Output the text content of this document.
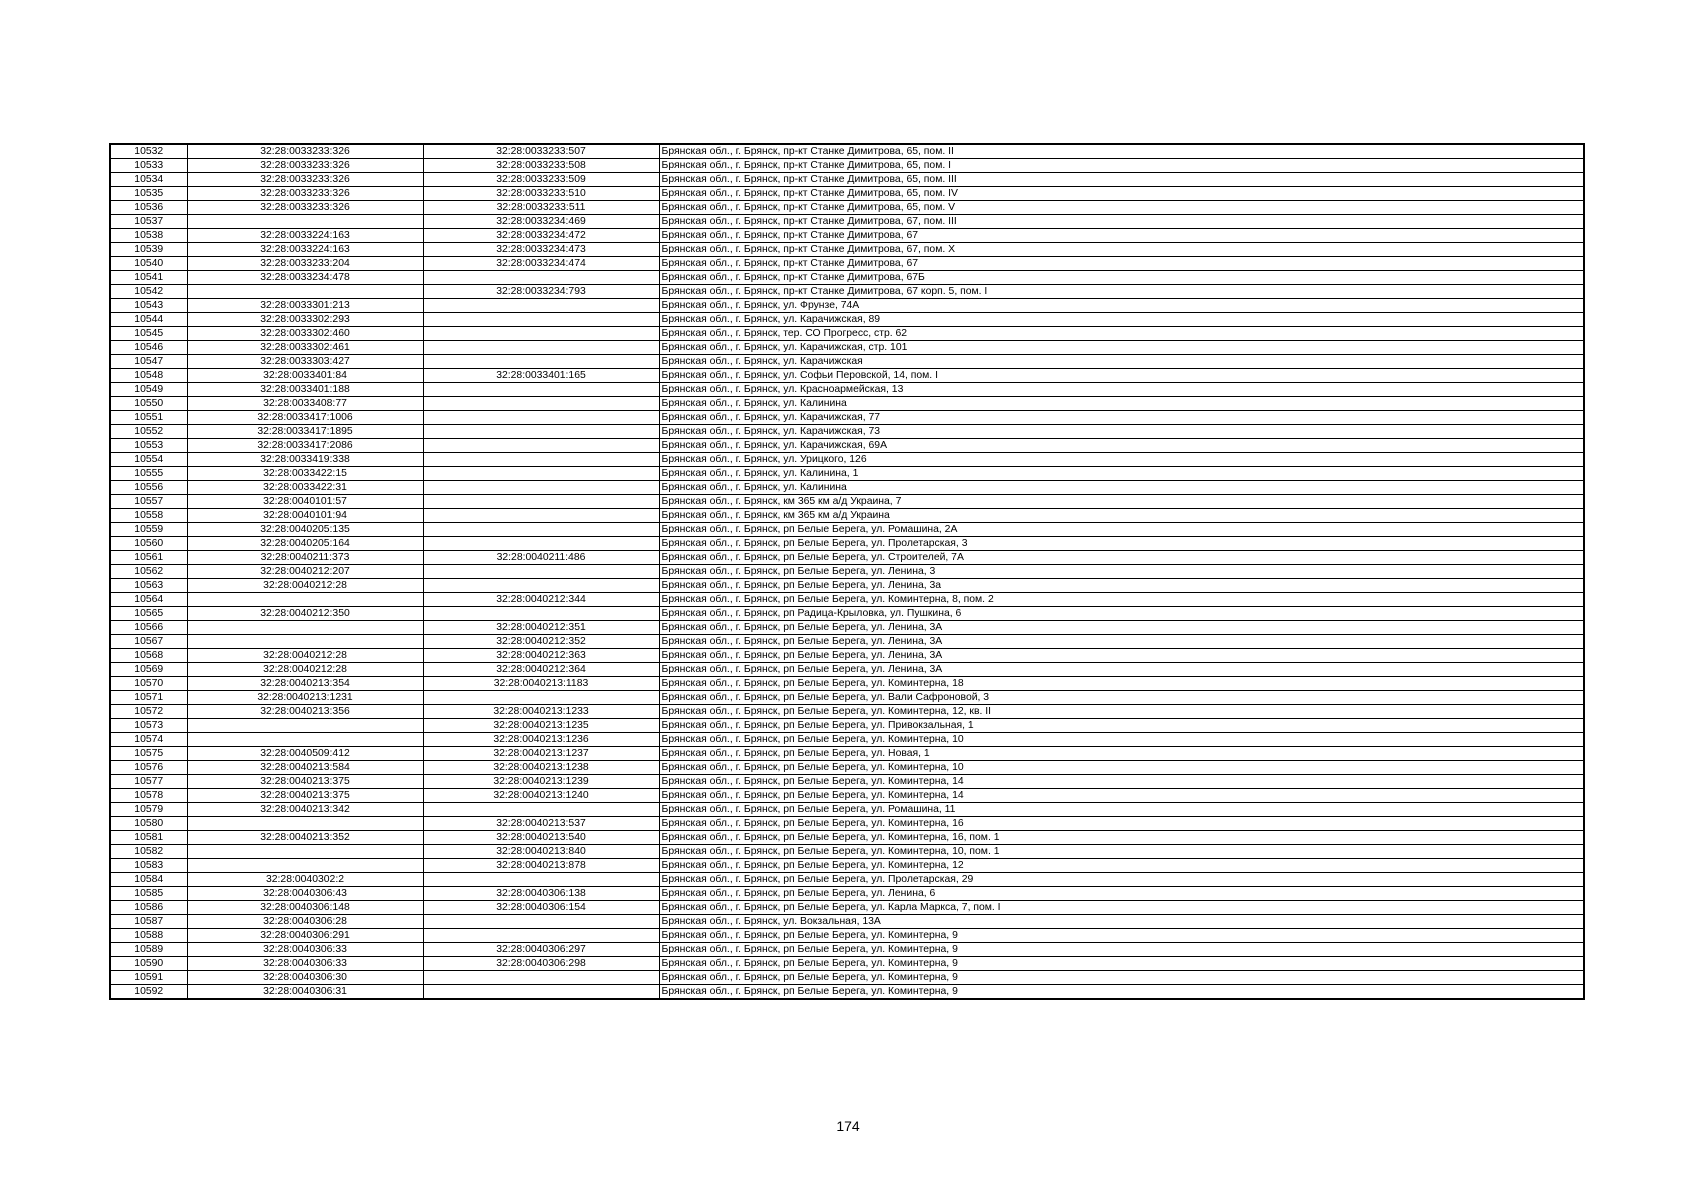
10532	32:28:0033233:326	32:28:0033233:507	Брянская обл., г. Брянск, пр-кт Станке Димитрова, 65, пом. II
10533	32:28:0033233:326	32:28:0033233:508	Брянская обл., г. Брянск, пр-кт Станке Димитрова, 65, пом. I
10534	32:28:0033233:326	32:28:0033233:509	Брянская обл., г. Брянск, пр-кт Станке Димитрова, 65, пом. III
10535	32:28:0033233:326	32:28:0033233:510	Брянская обл., г. Брянск, пр-кт Станке Димитрова, 65, пом. IV
10536	32:28:0033233:326	32:28:0033233:511	Брянская обл., г. Брянск, пр-кт Станке Димитрова, 65, пом. V
10537		32:28:0033234:469	Брянская обл., г. Брянск, пр-кт Станке Димитрова, 67, пом. III
10538	32:28:0033224:163	32:28:0033234:472	Брянская обл., г. Брянск, пр-кт Станке Димитрова, 67
10539	32:28:0033224:163	32:28:0033234:473	Брянская обл., г. Брянск, пр-кт Станке Димитрова, 67, пом. X
10540	32:28:0033233:204	32:28:0033234:474	Брянская обл., г. Брянск, пр-кт Станке Димитрова, 67
10541	32:28:0033234:478		Брянская обл., г. Брянск, пр-кт Станке Димитрова, 67Б
10542		32:28:0033234:793	Брянская обл., г. Брянск, пр-кт Станке Димитрова, 67 корп. 5, пом. I
10543	32:28:0033301:213		Брянская обл., г. Брянск, ул. Фрунзе, 74А
10544	32:28:0033302:293		Брянская обл., г. Брянск, ул. Карачижская, 89
10545	32:28:0033302:460		Брянская обл., г. Брянск, тер. СО Прогресс, стр. 62
10546	32:28:0033302:461		Брянская обл., г. Брянск, ул. Карачижская, стр. 101
10547	32:28:0033303:427		Брянская обл., г. Брянск, ул. Карачижская
10548	32:28:0033401:84	32:28:0033401:165	Брянская обл., г. Брянск, ул. Софьи Перовской, 14, пом. I
10549	32:28:0033401:188		Брянская обл., г. Брянск, ул. Красноармейская, 13
10550	32:28:0033408:77		Брянская обл., г. Брянск, ул. Калинина
10551	32:28:0033417:1006		Брянская обл., г. Брянск, ул. Карачижская, 77
10552	32:28:0033417:1895		Брянская обл., г. Брянск, ул. Карачижская, 73
10553	32:28:0033417:2086		Брянская обл., г. Брянск, ул. Карачижская, 69А
10554	32:28:0033419:338		Брянская обл., г. Брянск, ул. Урицкого, 126
10555	32:28:0033422:15		Брянская обл., г. Брянск, ул. Калинина, 1
10556	32:28:0033422:31		Брянская обл., г. Брянск, ул. Калинина
10557	32:28:0040101:57		Брянская обл., г. Брянск, км 365 км а/д Украина, 7
10558	32:28:0040101:94		Брянская обл., г. Брянск, км 365 км а/д Украина
10559	32:28:0040205:135		Брянская обл., г. Брянск, рп Белые Берега, ул. Ромашина, 2А
10560	32:28:0040205:164		Брянская обл., г. Брянск, рп Белые Берега, ул. Пролетарская, 3
10561	32:28:0040211:373	32:28:0040211:486	Брянская обл., г. Брянск, рп Белые Берега, ул. Строителей, 7А
10562	32:28:0040212:207		Брянская обл., г. Брянск, рп Белые Берега, ул. Ленина, 3
10563	32:28:0040212:28		Брянская обл., г. Брянск, рп Белые Берега, ул. Ленина, 3а
10564		32:28:0040212:344	Брянская обл., г. Брянск, рп Белые Берега, ул. Коминтерна, 8, пом. 2
10565	32:28:0040212:350		Брянская обл., г. Брянск, рп Радица-Крыловка, ул. Пушкина, 6
10566		32:28:0040212:351	Брянская обл., г. Брянск, рп Белые Берега, ул. Ленина, 3А
10567		32:28:0040212:352	Брянская обл., г. Брянск, рп Белые Берега, ул. Ленина, 3А
10568	32:28:0040212:28	32:28:0040212:363	Брянская обл., г. Брянск, рп Белые Берега, ул. Ленина, 3А
10569	32:28:0040212:28	32:28:0040212:364	Брянская обл., г. Брянск, рп Белые Берега, ул. Ленина, 3А
10570	32:28:0040213:354	32:28:0040213:1183	Брянская обл., г. Брянск, рп Белые Берега, ул. Коминтерна, 18
10571	32:28:0040213:1231		Брянская обл., г. Брянск, рп Белые Берега, ул. Вали Сафроновой, 3
10572	32:28:0040213:356	32:28:0040213:1233	Брянская обл., г. Брянск, рп Белые Берега, ул. Коминтерна, 12, кв. II
10573		32:28:0040213:1235	Брянская обл., г. Брянск, рп Белые Берега, ул. Привокзальная, 1
10574		32:28:0040213:1236	Брянская обл., г. Брянск, рп Белые Берега, ул. Коминтерна, 10
10575	32:28:0040509:412	32:28:0040213:1237	Брянская обл., г. Брянск, рп Белые Берега, ул. Новая, 1
10576	32:28:0040213:584	32:28:0040213:1238	Брянская обл., г. Брянск, рп Белые Берега, ул. Коминтерна, 10
10577	32:28:0040213:375	32:28:0040213:1239	Брянская обл., г. Брянск, рп Белые Берега, ул. Коминтерна, 14
10578	32:28:0040213:375	32:28:0040213:1240	Брянская обл., г. Брянск, рп Белые Берега, ул. Коминтерна, 14
10579	32:28:0040213:342		Брянская обл., г. Брянск, рп Белые Берега, ул. Ромашина, 11
10580		32:28:0040213:537	Брянская обл., г. Брянск, рп Белые Берега, ул. Коминтерна, 16
10581	32:28:0040213:352	32:28:0040213:540	Брянская обл., г. Брянск, рп Белые Берега, ул. Коминтерна, 16, пом. 1
10582		32:28:0040213:840	Брянская обл., г. Брянск, рп Белые Берега, ул. Коминтерна, 10, пом. 1
10583		32:28:0040213:878	Брянская обл., г. Брянск, рп Белые Берега, ул. Коминтерна, 12
10584	32:28:0040302:2		Брянская обл., г. Брянск, рп Белые Берега, ул. Пролетарская, 29
10585	32:28:0040306:43	32:28:0040306:138	Брянская обл., г. Брянск, рп Белые Берега, ул. Ленина, 6
10586	32:28:0040306:148	32:28:0040306:154	Брянская обл., г. Брянск, рп Белые Берега, ул. Карла Маркса, 7, пом. I
10587	32:28:0040306:28		Брянская обл., г. Брянск, ул. Вокзальная, 13А
10588	32:28:0040306:291		Брянская обл., г. Брянск, рп Белые Берега, ул. Коминтерна, 9
10589	32:28:0040306:33	32:28:0040306:297	Брянская обл., г. Брянск, рп Белые Берега, ул. Коминтерна, 9
10590	32:28:0040306:33	32:28:0040306:298	Брянская обл., г. Брянск, рп Белые Берега, ул. Коминтерна, 9
10591	32:28:0040306:30		Брянская обл., г. Брянск, рп Белые Берега, ул. Коминтерна, 9
10592	32:28:0040306:31		Брянская обл., г. Брянск, рп Белые Берега, ул. Коминтерна, 9
174
